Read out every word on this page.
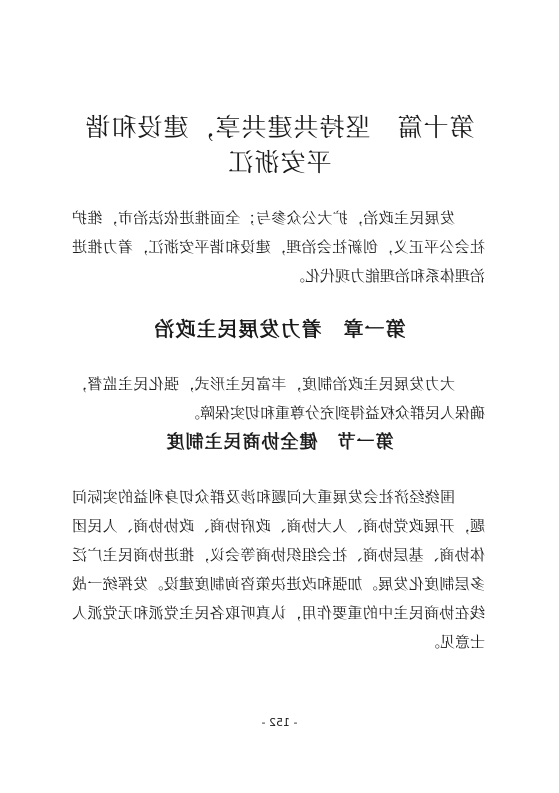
第十篇　坚持共建共享，建设和谐
平安浙江

发展民主政治，扩大公众参与；全面推进依法治市，维护社会公平正义，创新社会治理，建设和谐平安浙江，着力推进治理体系和治理能力现代化。

第一章　着力发展民主政治

大力发展民主政治制度，丰富民主形式，强化民主监督，确保人民群众权益得到充分尊重和切实保障。

第一节　健全协商民主制度

围绕经济社会发展重大问题和涉及群众切身利益的实际问题，开展政党协商、人大协商、政府协商、政协协商、人民团体协商、基层协商、社会组织协商等会议，推进协商民主广泛多层制度化发展。加强和改进决策咨询制度建设。发挥统一战线在协商民主中的重要作用，认真听取各民主党派和无党派人士意见。

- 152 -
